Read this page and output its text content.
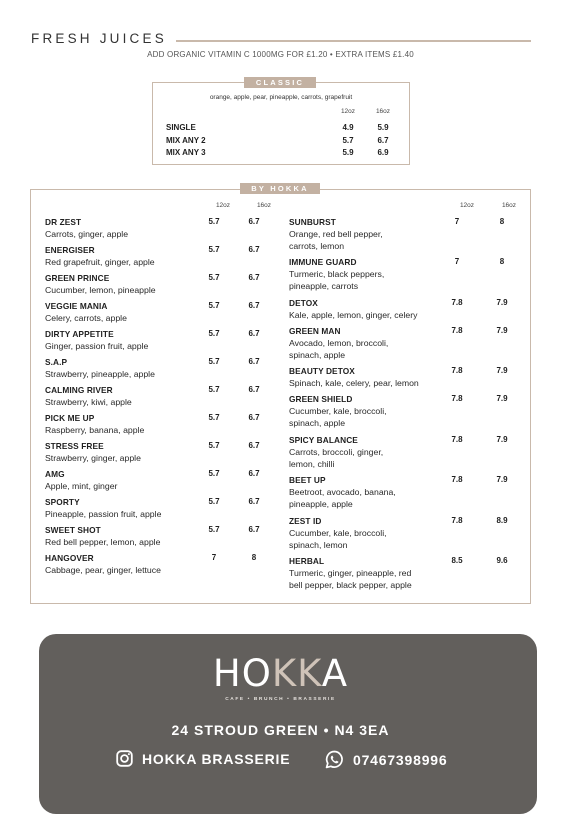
FRESH JUICES
ADD ORGANIC VITAMIN C 1000MG FOR £1.20 • EXTRA ITEMS £1.40
CLASSIC
orange, apple, pear, pineapple, carrots, grapefruit
12oz	16oz
SINGLE	4.9	5.9
MIX ANY 2	5.7	6.7
MIX ANY 3	5.9	6.9
BY HOKKA
12oz	16oz	12oz	16oz
DR ZEST
Carrots, ginger, apple
5.7	6.7
ENERGISER
Red grapefruit, ginger, apple
5.7	6.7
GREEN PRINCE
Cucumber, lemon, pineapple
5.7	6.7
VEGGIE MANIA
Celery, carrots, apple
5.7	6.7
DIRTY APPETITE
Ginger, passion fruit, apple
5.7	6.7
S.A.P
Strawberry, pineapple, apple
5.7	6.7
CALMING RIVER
Strawberry, kiwi, apple
5.7	6.7
PICK ME UP
Raspberry, banana, apple
5.7	6.7
STRESS FREE
Strawberry, ginger, apple
5.7	6.7
AMG
Apple, mint, ginger
5.7	6.7
SPORTY
Pineapple, passion fruit, apple
5.7	6.7
SWEET SHOT
Red bell pepper, lemon, apple
5.7	6.7
HANGOVER
Cabbage, pear, ginger, lettuce
7	8
SUNBURST
Orange, red bell pepper,
carrots, lemon
7	8
IMMUNE GUARD
Turmeric, black peppers,
pineapple, carrots
7	8
DETOX
Kale, apple, lemon, ginger, celery
7.8	7.9
GREEN MAN
Avocado, lemon, broccoli,
spinach, apple
7.8	7.9
BEAUTY DETOX
Spinach, kale, celery, pear, lemon
7.8	7.9
GREEN SHIELD
Cucumber, kale, broccoli,
spinach, apple
7.8	7.9
SPICY BALANCE
Carrots, broccoli, ginger,
lemon, chilli
7.8	7.9
BEET UP
Beetroot, avocado, banana,
pineapple, apple
7.8	7.9
ZEST ID
Cucumber, kale, broccoli,
spinach, lemon
7.8	8.9
HERBAL
Turmeric, ginger, pineapple, red
bell pepper, black pepper, apple
8.5	9.6
HOKKA
CAFE • BRUNCH • BRASSERIE
24 STROUD GREEN • N4 3EA
HOKKA BRASSERIE	07467398996
